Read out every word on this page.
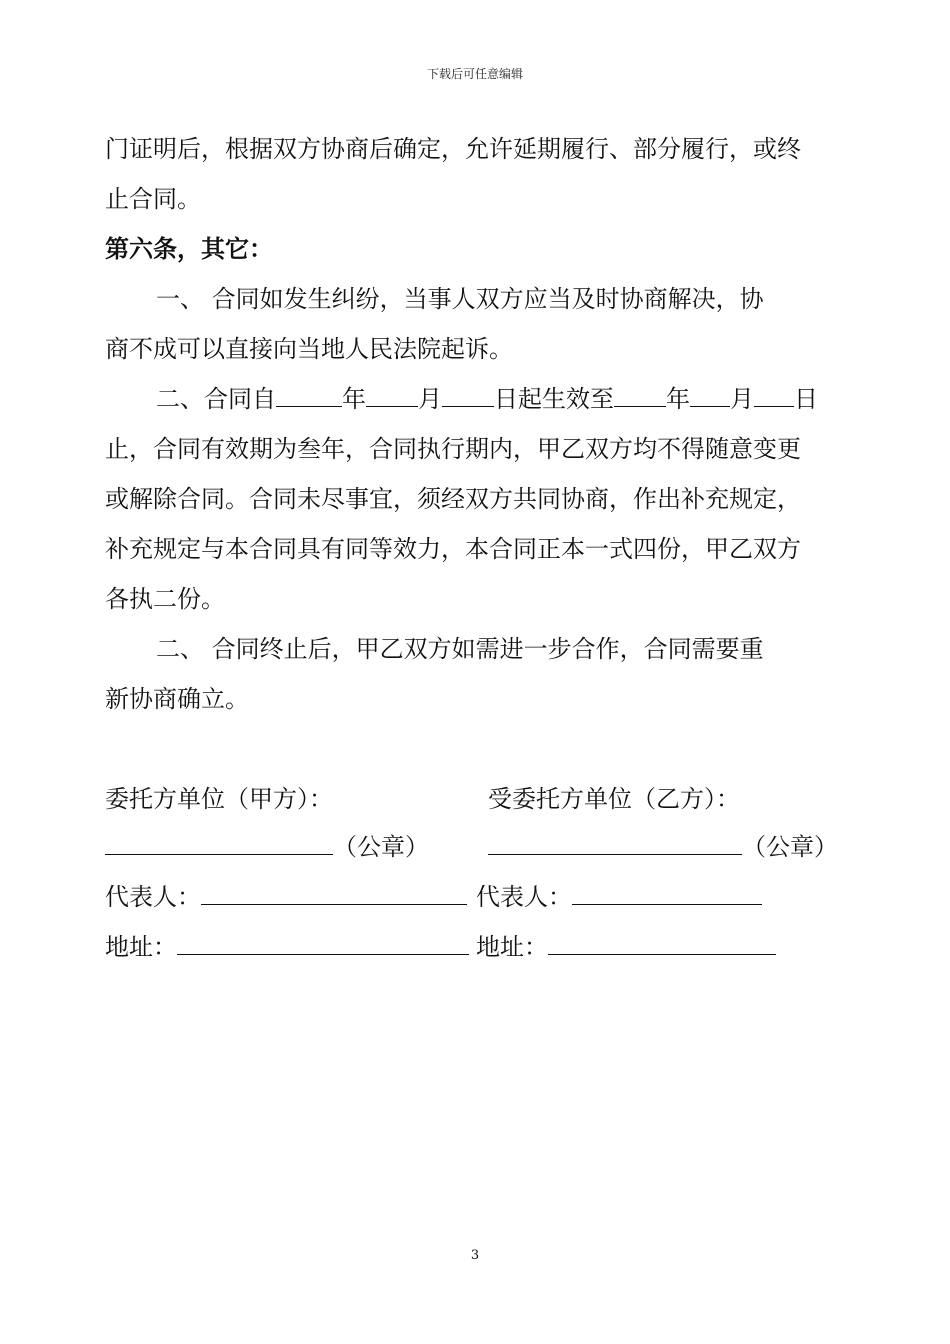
下载后可任意编辑
门证明后，根据双方协商后确定，允许延期履行、部分履行，或终
止合同。
第六条，其它：
一、 合同如发生纠纷，当事人双方应当及时协商解决，协
商不成可以直接向当地人民法院起诉。
二、合同自	年 月 日起生效至 年 月 日
止，合同有效期为叁年，合同执行期内，甲乙双方均不得随意变更
或解除合同。合同未尽事宜，须经双方共同协商，作出补充规定，
补充规定与本合同具有同等效力，本合同正本一式四份，甲乙双方
各执二份。
二、 合同终止后，甲乙双方如需进一步合作，合同需要重
新协商确立。
委托方单位（甲方）：	受委托方单位（乙方）：
（公章）	（公章）
代表人：	代表人：
地址：	地址：
3
